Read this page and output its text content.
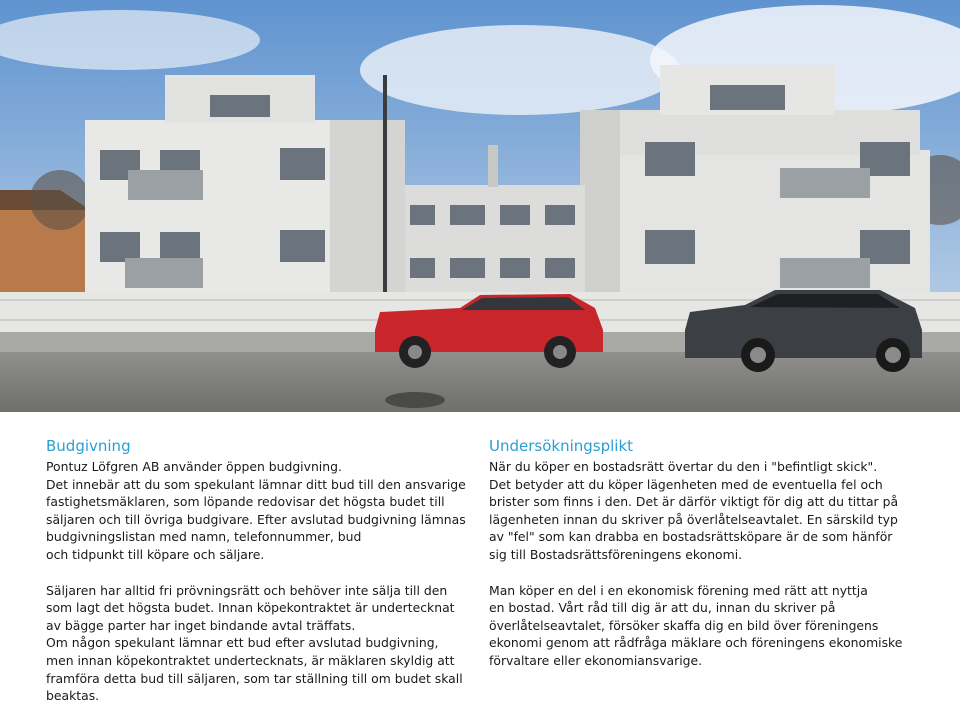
Budgivning

Pontuz Löfgren AB använder öppen budgivning.
Det innebär att du som spekulant lämnar ditt bud till den ansvarige
fastighetsmäklaren, som löpande redovisar det högsta budet till
säljaren och till övriga budgivare. Efter avslutad budgivning lämnas
budgivningslistan med namn, telefonnummer, bud
och tidpunkt till köpare och säljare.

Säljaren har alltid fri prövningsrätt och behöver inte sälja till den
som lagt det högsta budet. Innan köpekontraktet är undertecknat
av bägge parter har inget bindande avtal träffats.
Om någon spekulant lämnar ett bud efter avslutad budgivning,
men innan köpekontraktet undertecknats, är mäklaren skyldig att
framföra detta bud till säljaren, som tar ställning till om budet skall
beaktas.

Undersökningsplikt

När du köper en bostadsrätt övertar du den i "befintligt skick".
Det betyder att du köper lägenheten med de eventuella fel och
brister som finns i den. Det är därför viktigt för dig att du tittar på
lägenheten innan du skriver på överlåtelseavtalet. En särskild typ
av "fel" som kan drabba en bostadsrättsköpare är de som hänför
sig till Bostadsrättsföreningens ekonomi.

Man köper en del i en ekonomisk förening med rätt att nyttja
en bostad. Vårt råd till dig är att du, innan du skriver på
överlåtelseavtalet, försöker skaffa dig en bild över föreningens
ekonomi genom att rådfråga mäklare och föreningens ekonomiske
förvaltare eller ekonomiansvarige.
